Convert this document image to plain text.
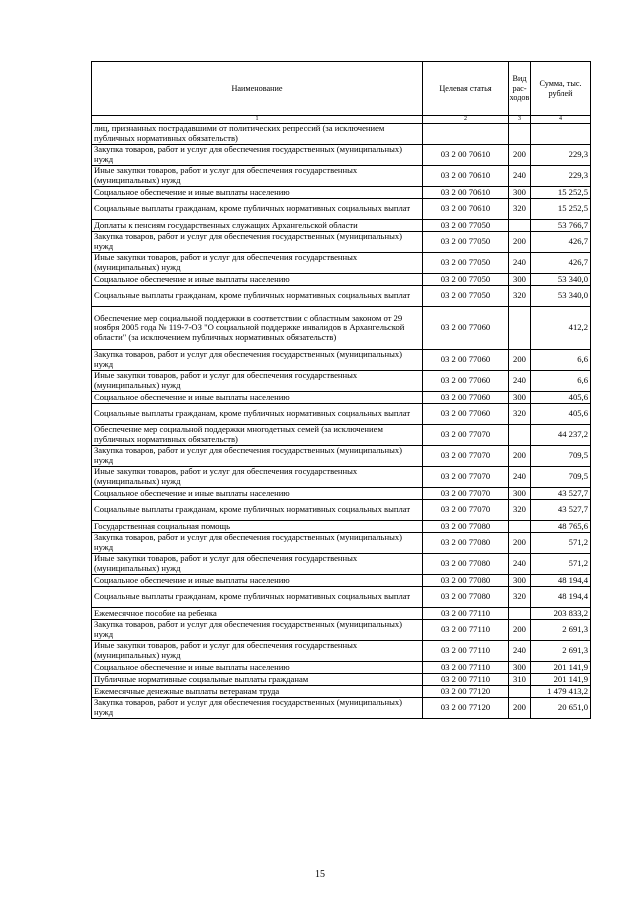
Наименование	Целевая статья	Вид рас-ходов	Сумма, тыс. рублей
1	2	3	4
лиц, признанных пострадавшими от политических репрессий (за исключением публичных нормативных обязательств)			
Закупка товаров, работ и услуг для обеспечения государственных (муниципальных) нужд	03 2 00 70610	200	229,3
Иные закупки товаров, работ и услуг для обеспечения государственных (муниципальных) нужд	03 2 00 70610	240	229,3
Социальное обеспечение и иные выплаты населению	03 2 00 70610	300	15 252,5
Социальные выплаты гражданам, кроме публичных нормативных социальных выплат	03 2 00 70610	320	15 252,5
Доплаты к пенсиям государственных служащих Архангельской области	03 2 00 77050		53 766,7
Закупка товаров, работ и услуг для обеспечения государственных (муниципальных) нужд	03 2 00 77050	200	426,7
Иные закупки товаров, работ и услуг для обеспечения государственных (муниципальных) нужд	03 2 00 77050	240	426,7
Социальное обеспечение и иные выплаты населению	03 2 00 77050	300	53 340,0
Социальные выплаты гражданам, кроме публичных нормативных социальных выплат	03 2 00 77050	320	53 340,0
Обеспечение мер социальной поддержки в соответствии с областным законом от 29 ноября 2005 года № 119-7-ОЗ "О социальной поддержке инвалидов в Архангельской области" (за исключением публичных нормативных обязательств)	03 2 00 77060		412,2
Закупка товаров, работ и услуг для обеспечения государственных (муниципальных) нужд	03 2 00 77060	200	6,6
Иные закупки товаров, работ и услуг для обеспечения государственных (муниципальных) нужд	03 2 00 77060	240	6,6
Социальное обеспечение и иные выплаты населению	03 2 00 77060	300	405,6
Социальные выплаты гражданам, кроме публичных нормативных социальных выплат	03 2 00 77060	320	405,6
Обеспечение мер социальной поддержки многодетных семей (за исключением публичных нормативных обязательств)	03 2 00 77070		44 237,2
Закупка товаров, работ и услуг для обеспечения государственных (муниципальных) нужд	03 2 00 77070	200	709,5
Иные закупки товаров, работ и услуг для обеспечения государственных (муниципальных) нужд	03 2 00 77070	240	709,5
Социальное обеспечение и иные выплаты населению	03 2 00 77070	300	43 527,7
Социальные выплаты гражданам, кроме публичных нормативных социальных выплат	03 2 00 77070	320	43 527,7
Государственная социальная помощь	03 2 00 77080		48 765,6
Закупка товаров, работ и услуг для обеспечения государственных (муниципальных) нужд	03 2 00 77080	200	571,2
Иные закупки товаров, работ и услуг для обеспечения государственных (муниципальных) нужд	03 2 00 77080	240	571,2
Социальное обеспечение и иные выплаты населению	03 2 00 77080	300	48 194,4
Социальные выплаты гражданам, кроме публичных нормативных социальных выплат	03 2 00 77080	320	48 194,4
Ежемесячное пособие на ребенка	03 2 00 77110		203 833,2
Закупка товаров, работ и услуг для обеспечения государственных (муниципальных) нужд	03 2 00 77110	200	2 691,3
Иные закупки товаров, работ и услуг для обеспечения государственных (муниципальных) нужд	03 2 00 77110	240	2 691,3
Социальное обеспечение и иные выплаты населению	03 2 00 77110	300	201 141,9
Публичные нормативные социальные выплаты гражданам	03 2 00 77110	310	201 141,9
Ежемесячные денежные выплаты ветеранам труда	03 2 00 77120		1 479 413,2
Закупка товаров, работ и услуг для обеспечения государственных (муниципальных) нужд	03 2 00 77120	200	20 651,0
15
